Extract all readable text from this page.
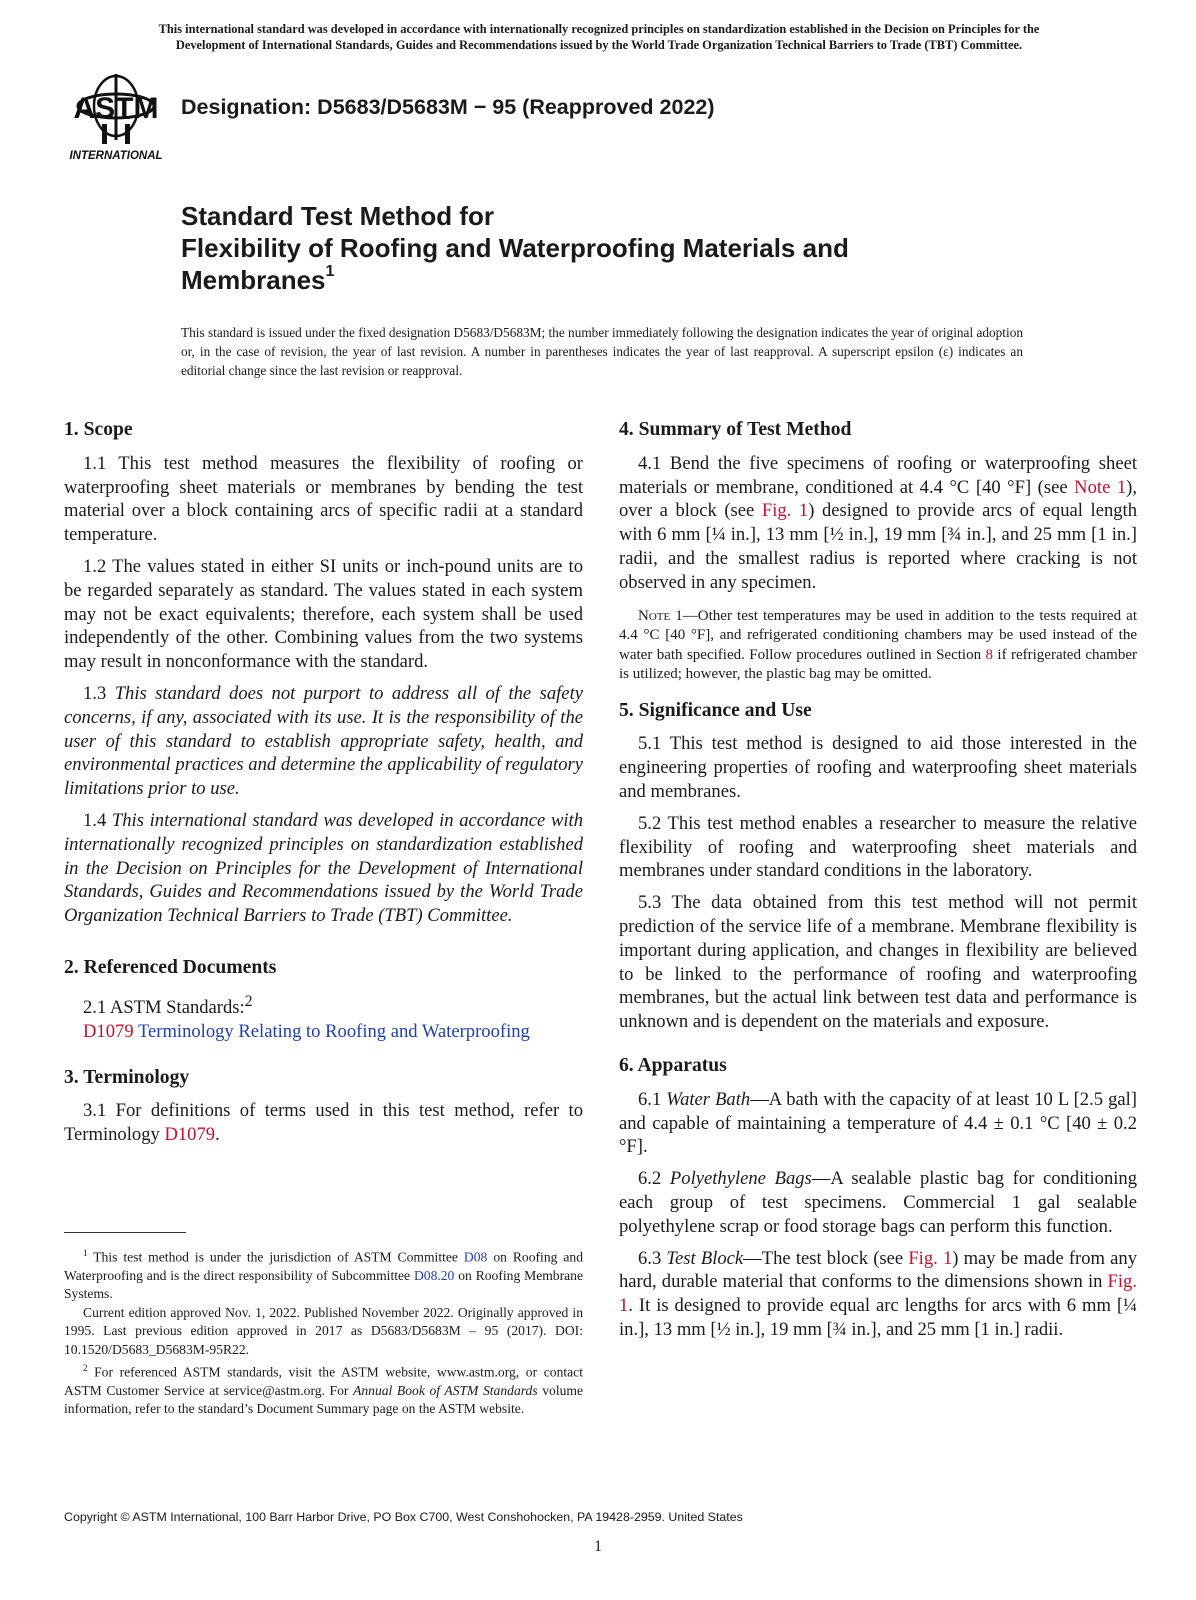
This international standard was developed in accordance with internationally recognized principles on standardization established in the Decision on Principles for the
Development of International Standards, Guides and Recommendations issued by the World Trade Organization Technical Barriers to Trade (TBT) Committee.
ASTM
INTERNATIONAL
Designation: D5683/D5683M − 95 (Reapproved 2022)
Standard Test Method for
Flexibility of Roofing and Waterproofing Materials and
Membranes$^1$
This standard is issued under the fixed designation D5683/D5683M; the number immediately following the designation indicates the year of original adoption or, in the case of revision, the year of last revision. A number in parentheses indicates the year of last reapproval. A superscript epsilon (ε) indicates an editorial change since the last revision or reapproval.
1. Scope

1.1 This test method measures the flexibility of roofing or waterproofing sheet materials or membranes by bending the test material over a block containing arcs of specific radii at a standard temperature.

1.2 The values stated in either SI units or inch-pound units are to be regarded separately as standard. The values stated in each system may not be exact equivalents; therefore, each system shall be used independently of the other. Combining values from the two systems may result in nonconformance with the standard.

1.3 This standard does not purport to address all of the safety concerns, if any, associated with its use. It is the responsibility of the user of this standard to establish appropriate safety, health, and environmental practices and determine the applicability of regulatory limitations prior to use.

1.4 This international standard was developed in accordance with internationally recognized principles on standardization established in the Decision on Principles for the Development of International Standards, Guides and Recommendations issued by the World Trade Organization Technical Barriers to Trade (TBT) Committee.

2. Referenced Documents

2.1 ASTM Standards:$^2$

D1079 Terminology Relating to Roofing and Waterproofing

3. Terminology

3.1 For definitions of terms used in this test method, refer to Terminology D1079.

4. Summary of Test Method

4.1 Bend the five specimens of roofing or waterproofing sheet materials or membrane, conditioned at 4.4 °C [40 °F] (see Note 1), over a block (see Fig. 1) designed to provide arcs of equal length with 6 mm [¼ in.], 13 mm [½ in.], 19 mm [¾ in.], and 25 mm [1 in.] radii, and the smallest radius is reported where cracking is not observed in any specimen.

Note 1—Other test temperatures may be used in addition to the tests required at 4.4 °C [40 °F], and refrigerated conditioning chambers may be used instead of the water bath specified. Follow procedures outlined in Section 8 if refrigerated chamber is utilized; however, the plastic bag may be omitted.

5. Significance and Use

5.1 This test method is designed to aid those interested in the engineering properties of roofing and waterproofing sheet materials and membranes.

5.2 This test method enables a researcher to measure the relative flexibility of roofing and waterproofing sheet materials and membranes under standard conditions in the laboratory.

5.3 The data obtained from this test method will not permit prediction of the service life of a membrane. Membrane flexibility is important during application, and changes in flexibility are believed to be linked to the performance of roofing and waterproofing membranes, but the actual link between test data and performance is unknown and is dependent on the materials and exposure.

6. Apparatus

6.1 Water Bath—A bath with the capacity of at least 10 L [2.5 gal] and capable of maintaining a temperature of 4.4 ± 0.1 °C [40 ± 0.2 °F].

6.2 Polyethylene Bags—A sealable plastic bag for conditioning each group of test specimens. Commercial 1 gal sealable polyethylene scrap or food storage bags can perform this function.

6.3 Test Block—The test block (see Fig. 1) may be made from any hard, durable material that conforms to the dimensions shown in Fig. 1. It is designed to provide equal arc lengths for arcs with 6 mm [¼ in.], 13 mm [½ in.], 19 mm [¾ in.], and 25 mm [1 in.] radii.

$^1$ This test method is under the jurisdiction of ASTM Committee D08 on Roofing and Waterproofing and is the direct responsibility of Subcommittee D08.20 on Roofing Membrane Systems.

Current edition approved Nov. 1, 2022. Published November 2022. Originally approved in 1995. Last previous edition approved in 2017 as D5683/D5683M – 95 (2017). DOI: 10.1520/D5683_D5683M-95R22.

$^2$ For referenced ASTM standards, visit the ASTM website, www.astm.org, or contact ASTM Customer Service at service@astm.org. For Annual Book of ASTM Standards volume information, refer to the standard’s Document Summary page on the ASTM website.

Copyright © ASTM International, 100 Barr Harbor Drive, PO Box C700, West Conshohocken, PA 19428-2959. United States
1
